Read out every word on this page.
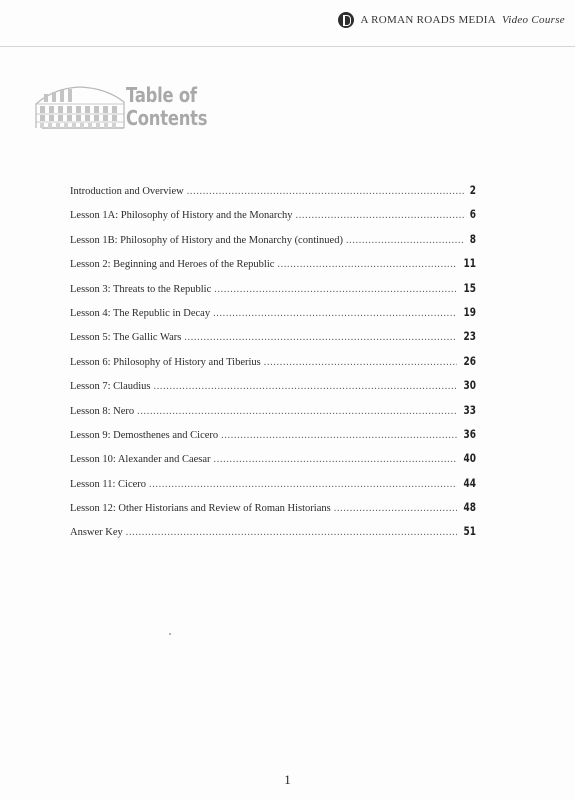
A ROMAN ROADS MEDIA Video Course
Table of
Contents
Introduction and Overview . . .	2
Lesson 1A: Philosophy of History and the Monarchy . . .	6
Lesson 1B: Philosophy of History and the Monarchy (continued) . . .	8
Lesson 2: Beginning and Heroes of the Republic . . .	11
Lesson 3: Threats to the Republic . . .	15
Lesson 4: The Republic in Decay . . .	19
Lesson 5: The Gallic Wars . . .	23
Lesson 6: Philosophy of History and Tiberius . . .	26
Lesson 7: Claudius . . .	30
Lesson 8: Nero . . .	33
Lesson 9: Demosthenes and Cicero . . .	36
Lesson 10: Alexander and Caesar . . .	40
Lesson 11: Cicero . . .	44
Lesson 12: Other Historians and Review of Roman Historians . . .	48
Answer Key . . .	51

1
